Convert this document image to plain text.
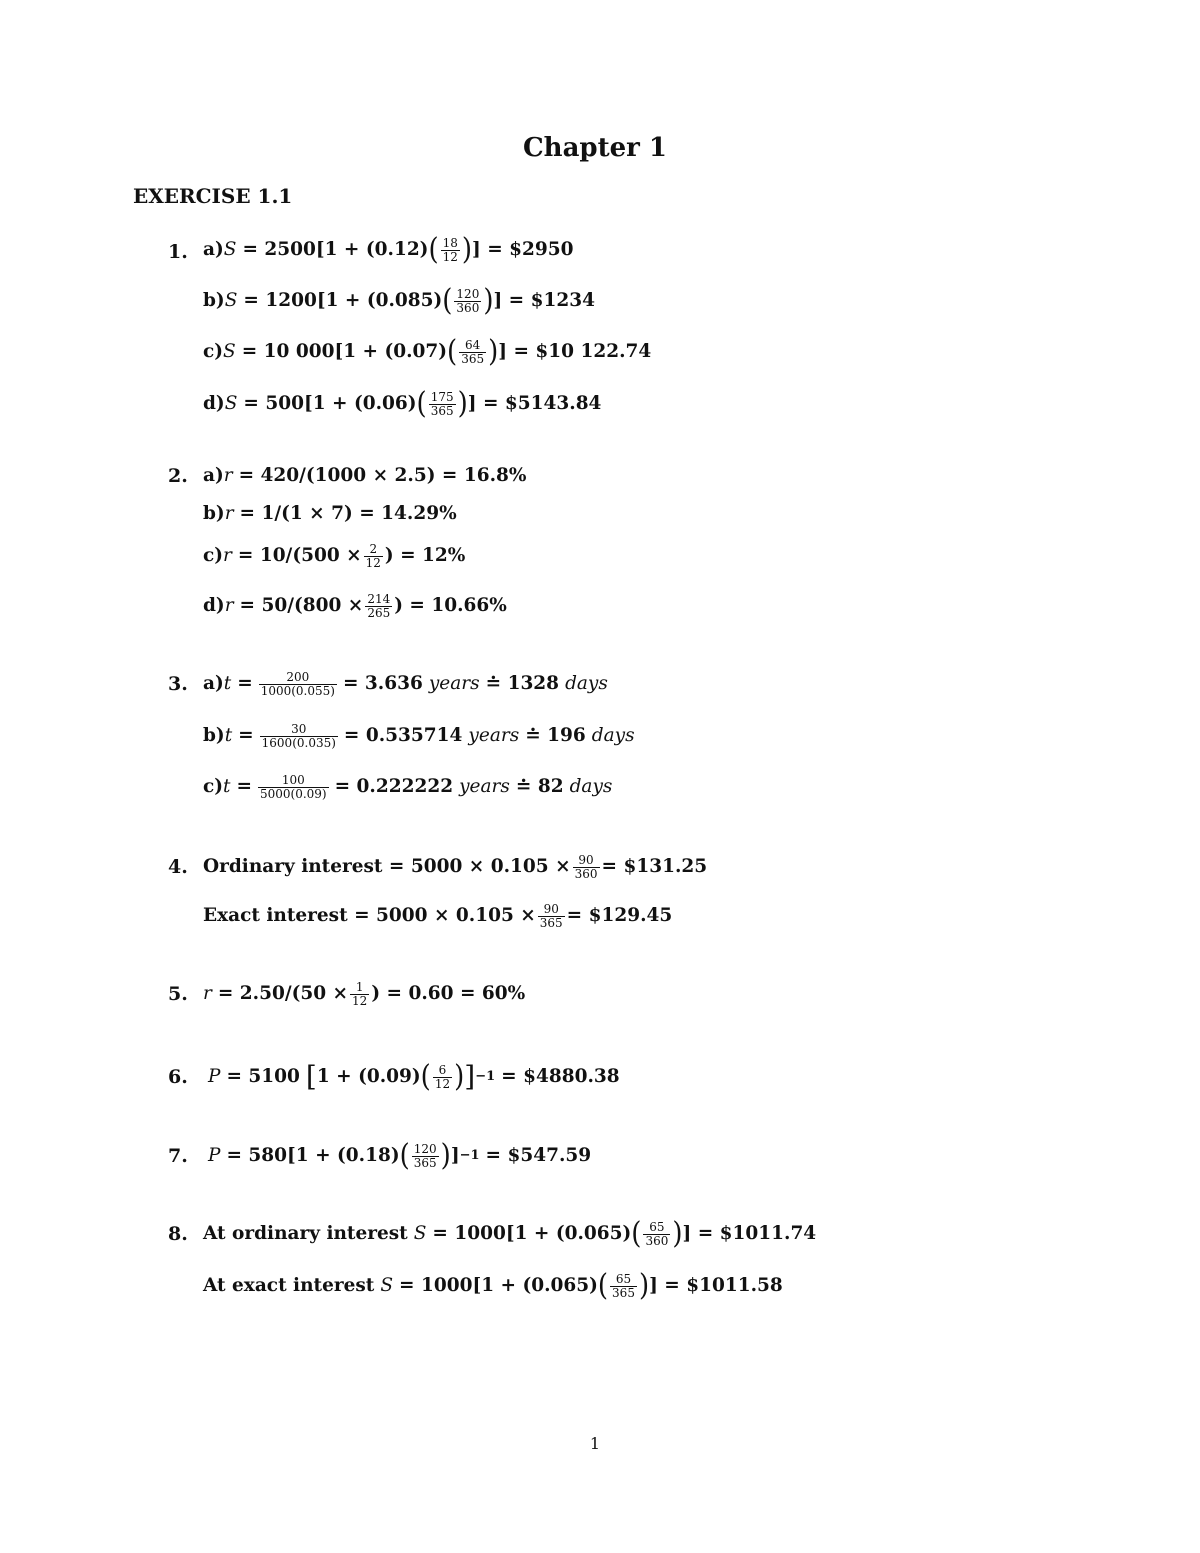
Chapter 1
EXERCISE 1.1
1. a) S = 2500[1 + (0.12) ( $\frac{18}{12}$ ) ] = $2950
b) S = 1200[1 + (0.085) ( $\frac{120}{360}$ ) ] = $1234
c) S = 10 000[1 + (0.07) ( $\frac{64}{365}$ ) ] = $10 122.74
d) S = 500[1 + (0.06) ( $\frac{175}{365}$ ) ] = $5143.84
2. a) r = 420/(1000 × 2.5) = 16.8%
b) r = 1/(1 × 7) = 14.29%
c) $r = 10/(500 \times \frac{2}{12}$ ) = 12%
d) $r = 50/(800 \times \frac{214}{265}$ ) = 10.66%
3. a) $t = \frac{200}{1000(0.055)} = 3.636$ years ≐ 1328 days
b) $t = \frac{30}{1600(0.035)} = 0.535714$ years ≐ 196 days
c) $t = \frac{100}{5000(0.09)} = 0.222222$ years ≐ 82 days
4. Ordinary interest = $5000 \times 0.105 \times \frac{90}{360}$ = $131.25
Exact interest = $5000 \times 0.105 \times \frac{90}{365}$ = $129.45
5. $r = 2.50/(50 \times \frac{1}{12}$ ) = 0.60 = 60%
6.	P = 5100 [ 1 + (0.09) ( $\frac{6}{12}$ ) ] −1 = $4880.38
7.	P = 580[1 + (0.18) ( $\frac{120}{365}$ ) ] −1 = $547.59
8. At ordinary interest S = 1000[1 + (0.065) ( $\frac{65}{360}$ ) ] = $1011.74
At exact interest S = 1000[1 + (0.065) ( $\frac{65}{365}$ ) ] = $1011.58
1
